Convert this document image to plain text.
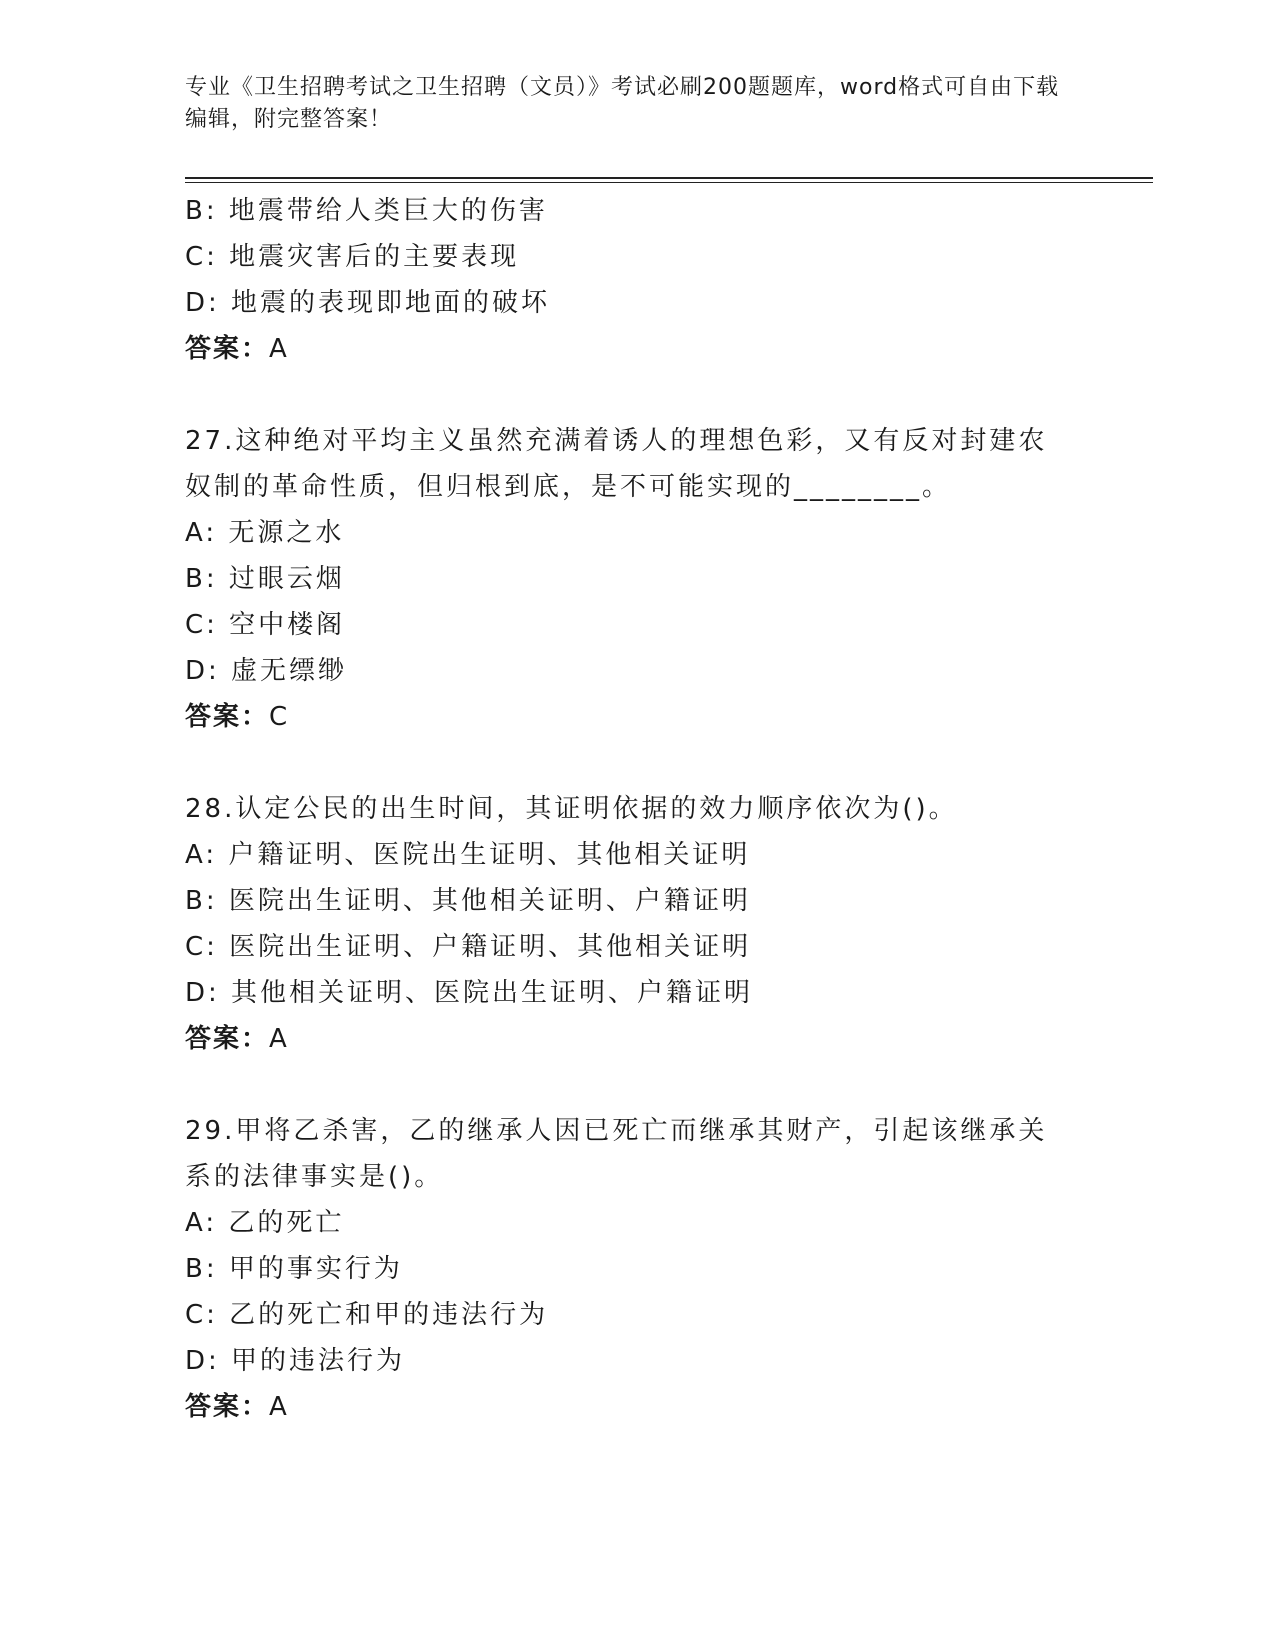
专业《卫生招聘考试之卫生招聘（文员）》考试必刷200题题库，word格式可自由下载编辑，附完整答案！
B: 地震带给人类巨大的伤害
C: 地震灾害后的主要表现
D: 地震的表现即地面的破坏
答案：A
27.这种绝对平均主义虽然充满着诱人的理想色彩，又有反对封建农奴制的革命性质，但归根到底，是不可能实现的________。
A: 无源之水
B: 过眼云烟
C: 空中楼阁
D: 虚无缥缈
答案：C
28.认定公民的出生时间，其证明依据的效力顺序依次为()。
A: 户籍证明、医院出生证明、其他相关证明
B: 医院出生证明、其他相关证明、户籍证明
C: 医院出生证明、户籍证明、其他相关证明
D: 其他相关证明、医院出生证明、户籍证明
答案：A
29.甲将乙杀害，乙的继承人因已死亡而继承其财产，引起该继承关系的法律事实是()。
A: 乙的死亡
B: 甲的事实行为
C: 乙的死亡和甲的违法行为
D: 甲的违法行为
答案：A
